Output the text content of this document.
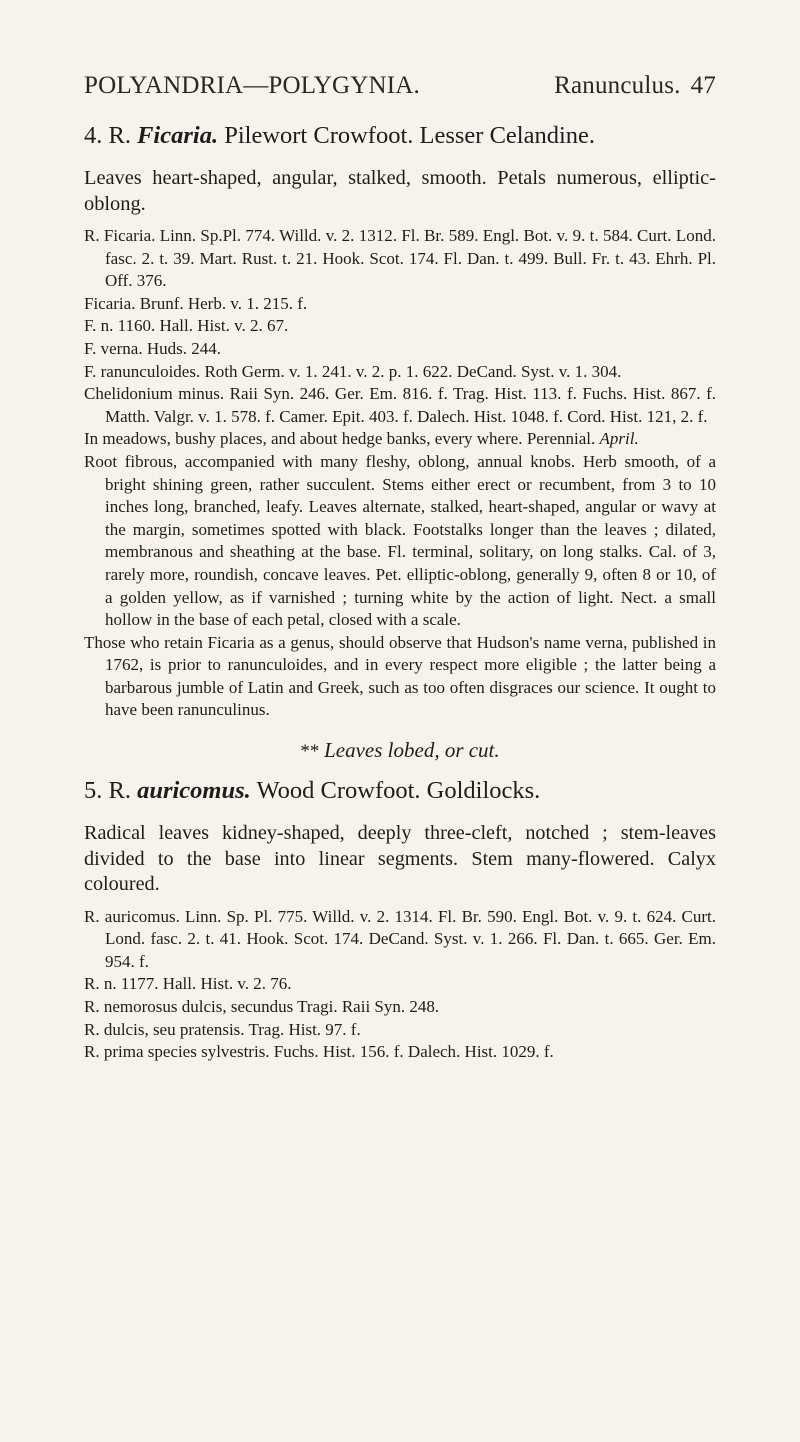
POLYANDRIA—POLYGYNIA.	Ranunculus. 47
4. R. Ficaria. Pilewort Crowfoot. Lesser Celandine.

Leaves heart-shaped, angular, stalked, smooth. Petals numerous, elliptic-oblong.

R. Ficaria. Linn. Sp.Pl. 774. Willd. v. 2. 1312. Fl. Br. 589. Engl. Bot. v. 9. t. 584. Curt. Lond. fasc. 2. t. 39. Mart. Rust. t. 21. Hook. Scot. 174. Fl. Dan. t. 499. Bull. Fr. t. 43. Ehrh. Pl. Off. 376.

Ficaria. Brunf. Herb. v. 1. 215. f.

F. n. 1160. Hall. Hist. v. 2. 67.

F. verna. Huds. 244.

F. ranunculoides. Roth Germ. v. 1. 241. v. 2. p. 1. 622. DeCand. Syst. v. 1. 304.

Chelidonium minus. Raii Syn. 246. Ger. Em. 816. f. Trag. Hist. 113. f. Fuchs. Hist. 867. f. Matth. Valgr. v. 1. 578. f. Camer. Epit. 403. f. Dalech. Hist. 1048. f. Cord. Hist. 121, 2. f.

In meadows, bushy places, and about hedge banks, every where. Perennial. April.

Root fibrous, accompanied with many fleshy, oblong, annual knobs. Herb smooth, of a bright shining green, rather succulent. Stems either erect or recumbent, from 3 to 10 inches long, branched, leafy. Leaves alternate, stalked, heart-shaped, angular or wavy at the margin, sometimes spotted with black. Footstalks longer than the leaves ; dilated, membranous and sheathing at the base. Fl. terminal, solitary, on long stalks. Cal. of 3, rarely more, roundish, concave leaves. Pet. elliptic-oblong, generally 9, often 8 or 10, of a golden yellow, as if varnished ; turning white by the action of light. Nect. a small hollow in the base of each petal, closed with a scale.

Those who retain Ficaria as a genus, should observe that Hudson's name verna, published in 1762, is prior to ranunculoides, and in every respect more eligible ; the latter being a barbarous jumble of Latin and Greek, such as too often disgraces our science. It ought to have been ranunculinus.

** Leaves lobed, or cut.
5. R. auricomus. Wood Crowfoot. Goldilocks.

Radical leaves kidney-shaped, deeply three-cleft, notched ; stem-leaves divided to the base into linear segments. Stem many-flowered. Calyx coloured.

R. auricomus. Linn. Sp. Pl. 775. Willd. v. 2. 1314. Fl. Br. 590. Engl. Bot. v. 9. t. 624. Curt. Lond. fasc. 2. t. 41. Hook. Scot. 174. DeCand. Syst. v. 1. 266. Fl. Dan. t. 665. Ger. Em. 954. f.

R. n. 1177. Hall. Hist. v. 2. 76.

R. nemorosus dulcis, secundus Tragi. Raii Syn. 248.

R. dulcis, seu pratensis. Trag. Hist. 97. f.

R. prima species sylvestris. Fuchs. Hist. 156. f. Dalech. Hist. 1029. f.
